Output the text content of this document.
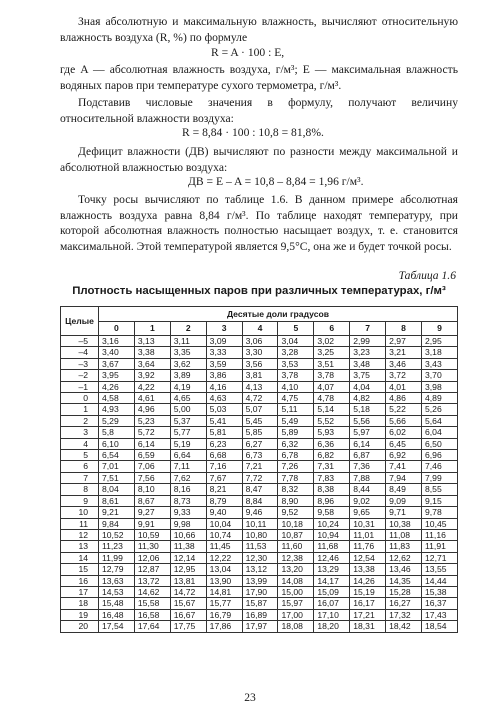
Зная абсолютную и максимальную влажность, вычисляют относительную влажность воздуха (R, %) по формуле
R = A · 100 : E,
где A — абсолютная влажность воздуха, г/м³; E — максимальная влажность водяных паров при температуре сухого термометра, г/м³.
Подставив числовые значения в формулу, получают величину относительной влажности воздуха:
R = 8,84 · 100 : 10,8 = 81,8%.
Дефицит влажности (ДВ) вычисляют по разности между максимальной и абсолютной влажностью воздуха:
ДВ = E – A = 10,8 – 8,84 = 1,96 г/м³.
Точку росы вычисляют по таблице 1.6. В данном примере абсолютная влажность воздуха равна 8,84 г/м³. По таблице находят температуру, при которой абсолютная влажность полностью насыщает воздух, т. е. становится максимальной. Этой температурой является 9,5°С, она же и будет точкой росы.
Таблица 1.6
Плотность насыщенных паров при различных температурах, г/м³
Целые	Десятые доли градусов									
	0	1	2	3	4	5	6	7	8	9
–5	3,16	3,13	3,11	3,09	3,06	3,04	3,02	2,99	2,97	2,95
–4	3,40	3,38	3,35	3,33	3,30	3,28	3,25	3,23	3,21	3,18
–3	3,67	3,64	3,62	3,59	3,56	3,53	3,51	3,48	3,46	3,43
–2	3,95	3,92	3,89	3,86	3,81	3,78	3,78	3,75	3,72	3,70
–1	4,26	4,22	4,19	4,16	4,13	4,10	4,07	4,04	4,01	3,98
0	4,58	4,61	4,65	4,63	4,72	4,75	4,78	4,82	4,86	4,89
1	4,93	4,96	5,00	5,03	5,07	5,11	5,14	5,18	5,22	5,26
2	5,29	5,23	5,37	5,41	5,45	5,49	5,52	5,56	5,66	5,64
3	5,8	5,72	5,77	5,81	5,85	5,89	5,93	5,97	6,02	6,04
4	6,10	6,14	5,19	6,23	6,27	6,32	6,36	6,14	6,45	6,50
5	6,54	6,59	6,64	6,68	6,73	6,78	6,82	6,87	6,92	6,96
6	7,01	7,06	7,11	7,16	7,21	7,26	7,31	7,36	7,41	7,46
7	7,51	7,56	7,62	7,67	7,72	7,78	7,83	7,88	7,94	7,99
8	8,04	8,10	8,16	8,21	8,47	8,32	8,38	8,44	8,49	8,55
9	8,61	8,67	8,73	8,79	8,84	8,90	8,96	9,02	9,09	9,15
10	9,21	9,27	9,33	9,40	9,46	9,52	9,58	9,65	9,71	9,78
11	9,84	9,91	9,98	10,04	10,11	10,18	10,24	10,31	10,38	10,45
12	10,52	10,59	10,66	10,74	10,80	10,87	10,94	11,01	11,08	11,16
13	11,23	11,30	11,38	11,45	11,53	11,60	11,68	11,76	11,83	11,91
14	11,99	12,06	12,14	12,22	12,30	12,38	12,46	12,54	12,62	12,71
15	12,79	12,87	12,95	13,04	13,12	13,20	13,29	13,38	13,46	13,55
16	13,63	13,72	13,81	13,90	13,99	14,08	14,17	14,26	14,35	14,44
17	14,53	14,62	14,72	14,81	17,90	15,00	15,09	15,19	15,28	15,38
18	15,48	15,58	15,67	15,77	15,87	15,97	16,07	16,17	16,27	16,37
19	16,48	16,58	16,67	16,79	16,89	17,00	17,10	17,21	17,32	17,43
20	17,54	17,64	17,75	17,86	17,97	18,08	18,20	18,31	18,42	18,54
23
